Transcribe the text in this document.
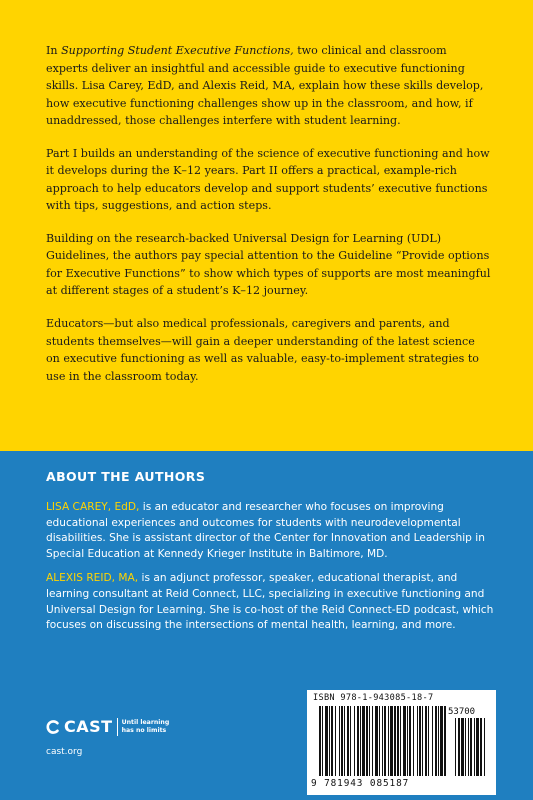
In Supporting Student Executive Functions, two clinical and classroom experts deliver an insightful and accessible guide to executive functioning skills. Lisa Carey, EdD, and Alexis Reid, MA, explain how these skills develop, how executive functioning challenges show up in the classroom, and how, if unaddressed, those challenges interfere with student learning.

Part I builds an understanding of the science of executive functioning and how it develops during the K–12 years. Part II offers a practical, example-rich approach to help educators develop and support students’ executive functions with tips, suggestions, and action steps.

Building on the research-backed Universal Design for Learning (UDL) Guidelines, the authors pay special attention to the Guideline “Provide options for Executive Functions” to show which types of supports are most meaningful at different stages of a student’s K–12 journey.

Educators—but also medical professionals, caregivers and parents, and students themselves—will gain a deeper understanding of the latest science on executive functioning as well as valuable, easy-to-implement strategies to use in the classroom today.

ABOUT THE AUTHORS

LISA CAREY, EdD, is an educator and researcher who focuses on improving educational experiences and outcomes for students with neurodevelopmental disabilities. She is assistant director of the Center for Innovation and Leadership in Special Education at Kennedy Krieger Institute in Baltimore, MD.

ALEXIS REID, MA, is an adjunct professor, speaker, educational therapist, and learning consultant at Reid Connect, LLC, specializing in executive functioning and Universal Design for Learning. She is co-host of the Reid Connect-ED podcast, which focuses on discussing the intersections of mental health, learning, and more.

CAST Until learning
has no limits
cast.org
ISBN 978-1-943085-18-7
53700
9 781943 085187
